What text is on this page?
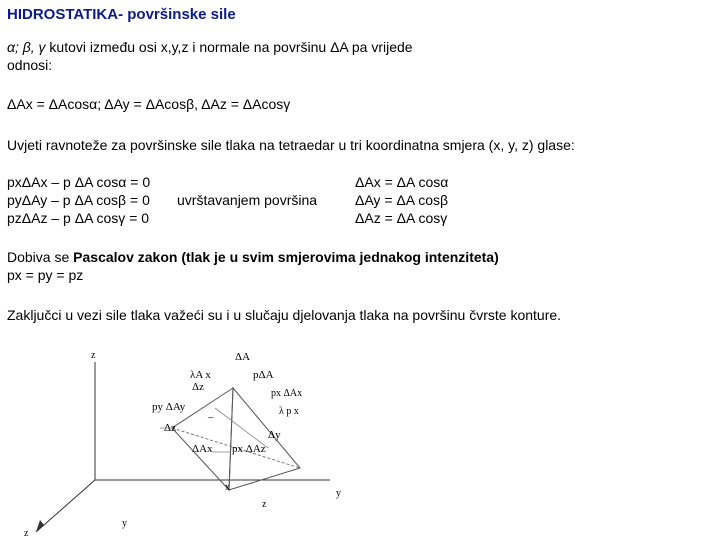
HIDROSTATIKA- površinske sile
α; β, γ kutovi između osi x,y,z i normale na površinu ΔA pa vrijede
odnosi:
ΔAx = ΔAcosα; ΔAy = ΔAcosβ, ΔAz = ΔAcosγ
Uvjeti ravnoteže za površinske sile tlaka na tetraedar u tri koordinatna smjera (x, y, z) glase:
pxΔAx – p ΔA cosα = 0
pyΔAy – p ΔA cosβ = 0
pzΔAz – p ΔA cosγ = 0
uvrštavanjem površina
ΔAx = ΔA cosα
ΔAy = ΔA cosβ
ΔAz = ΔA cosγ
Dobiva se Pascalov zakon (tlak je u svim smjerovima jednakog intenziteta)
px = py = pz
Zaključci u vezi sile tlaka važeći su i u slučaju djelovanja tlaka na površinu čvrste konture.
z
z
y
y
x
ΔA
pΔA
λA x
Δz
py ΔAy
px ΔAx
λ p x
–
Δz
Δy
ΔAx px ΔAz
z
